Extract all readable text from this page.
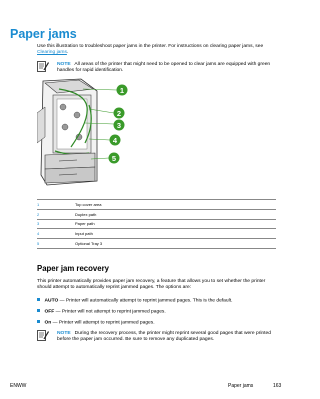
Paper jams
Use this illustration to troubleshoot paper jams in the printer. For instructions on clearing paper jams, see Clearing jams.
NOTE All areas of the printer that might need to be opened to clear jams are equipped with green handles for rapid identification.
1
2
3
4
5
1	Top cover area
2	Duplex path
3	Paper path
4	Input path
5	Optional Tray 3
Paper jam recovery
This printer automatically provides paper jam recovery, a feature that allows you to set whether the printer should attempt to automatically reprint jammed pages. The options are:
AUTO — Printer will automatically attempt to reprint jammed pages. This is the default.
OFF — Printer will not attempt to reprint jammed pages.
On — Printer will attempt to reprint jammed pages.
NOTE During the recovery process, the printer might reprint several good pages that were printed before the paper jam occurred. Be sure to remove any duplicated pages.
ENWW	Paper jams	163
